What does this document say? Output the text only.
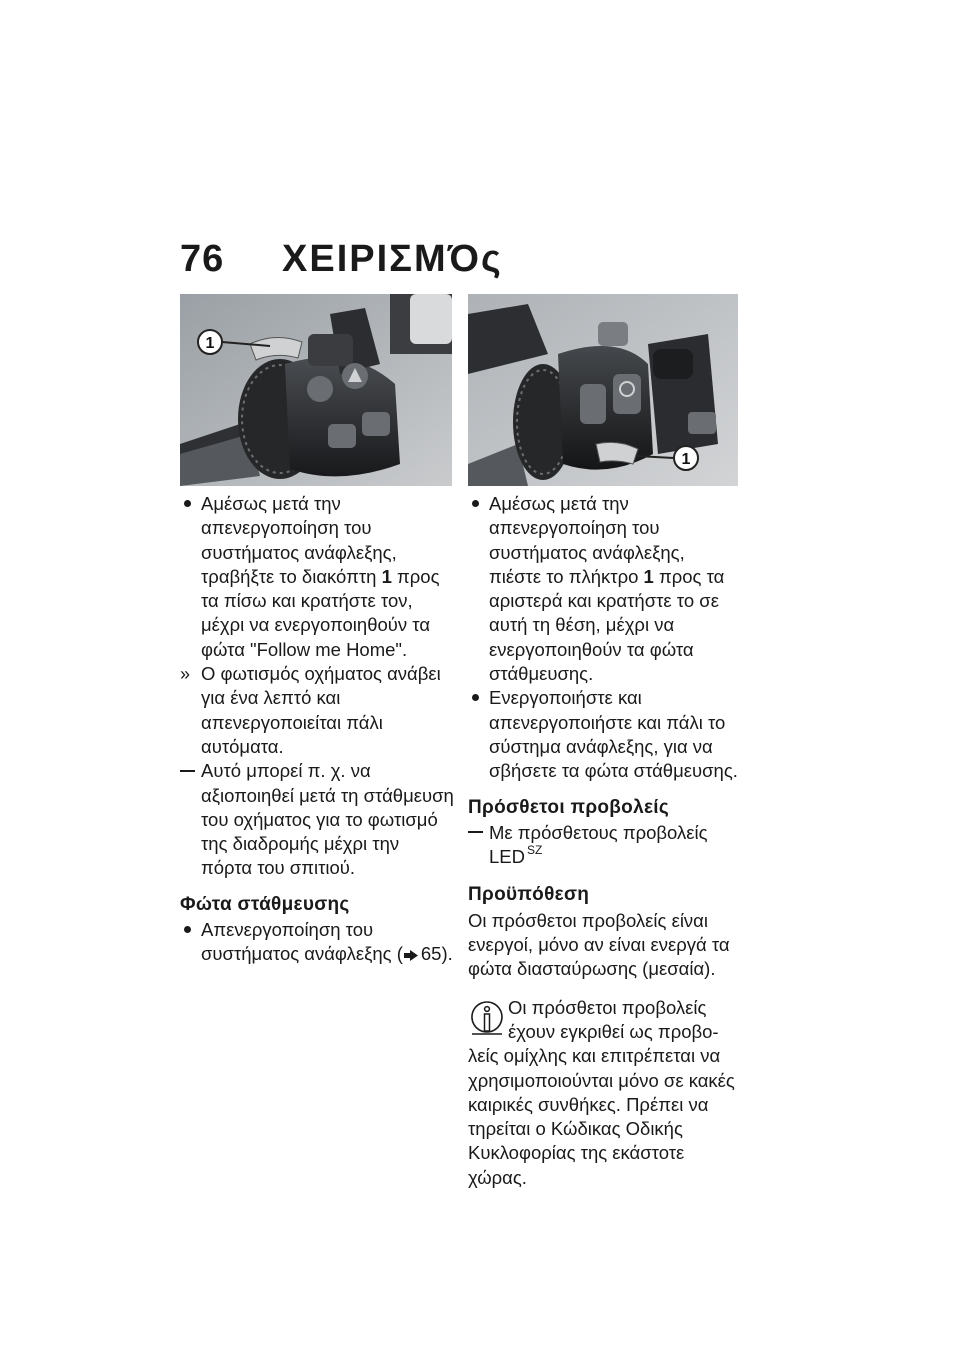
76 ΧΕΙΡΙΣΜΌς
1
1
Αμέσως μετά την απενεργοποίηση του συστήματος ανάφλεξης, τραβήξτε το διακόπτη 1 προς τα πίσω και κρατήστε τον, μέχρι να ενεργοποιηθούν τα φώτα "Follow me Home".
» Ο φωτισμός οχήματος ανάβει για ένα λεπτό και απενεργοποιείται πάλι αυτόματα.
Αυτό μπορεί π. χ. να αξιοποιηθεί μετά τη στάθμευση του οχήματος για το φωτισμό της διαδρομής μέχρι την πόρτα του σπιτιού.
Φώτα στάθμευσης
Απενεργοποίηση του συστήματος ανάφλεξης ( 65).
Αμέσως μετά την απενεργοποίηση του συστήματος ανάφλεξης, πιέστε το πλήκτρο 1 προς τα αριστερά και κρατήστε το σε αυτή τη θέση, μέχρι να ενεργοποιηθούν τα φώτα στάθμευσης.
Ενεργοποιήστε και απενεργοποιήστε και πάλι το σύστημα ανάφλεξης, για να σβήσετε τα φώτα στάθμευσης.
Πρόσθετοι προβολείς
Με πρόσθετους προβολείς LED $^{SZ}$
Προϋπόθεση
Οι πρόσθετοι προβολείς είναι ενεργοί, μόνο αν είναι ενεργά τα φώτα διασταύρωσης (μεσαία).
Οι πρόσθετοι προβολείς
έχουν εγκριθεί ως προβο-
λείς ομίχλης και επιτρέπεται να χρησιμοποιούνται μόνο σε κακές καιρικές συνθήκες. Πρέπει να τηρείται ο Κώδικας Οδικής Κυκλοφορίας της εκάστοτε χώρας.
